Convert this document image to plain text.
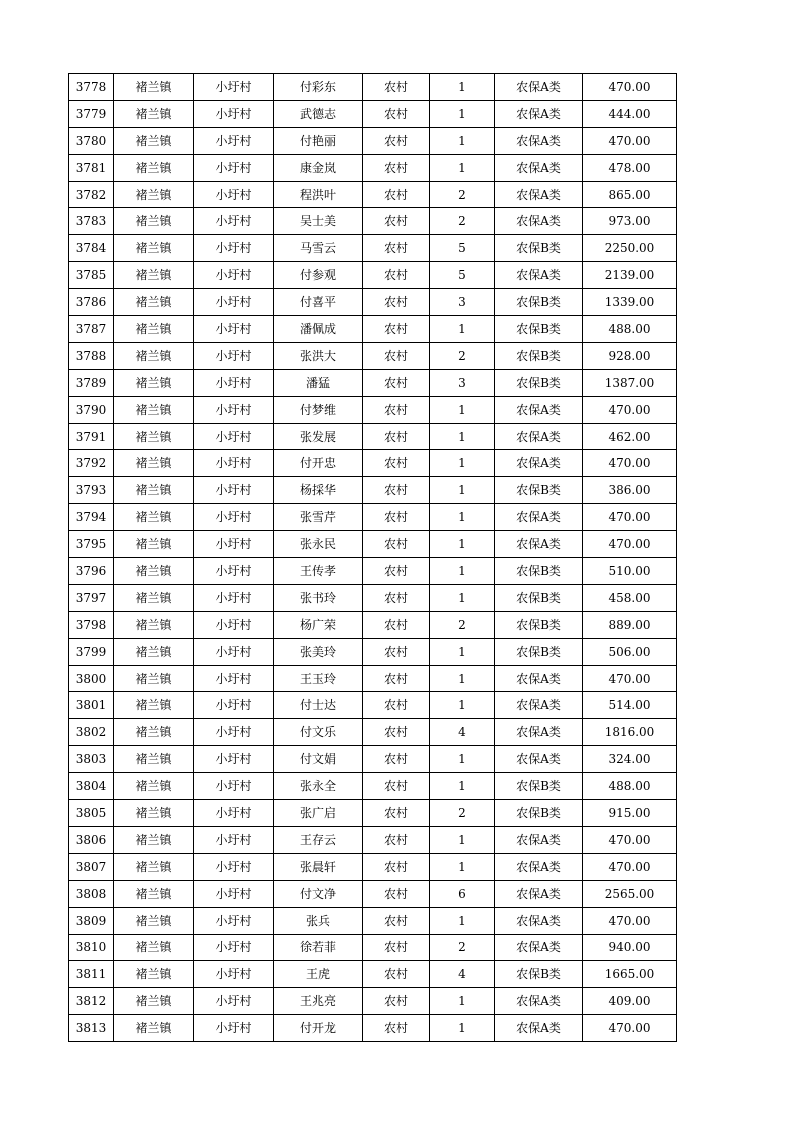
3778	褚兰镇	小圩村	付彩东	农村	1	农保A类	470.00
3779	褚兰镇	小圩村	武德志	农村	1	农保A类	444.00
3780	褚兰镇	小圩村	付艳丽	农村	1	农保A类	470.00
3781	褚兰镇	小圩村	康金岚	农村	1	农保A类	478.00
3782	褚兰镇	小圩村	程洪叶	农村	2	农保A类	865.00
3783	褚兰镇	小圩村	吴士美	农村	2	农保A类	973.00
3784	褚兰镇	小圩村	马雪云	农村	5	农保B类	2250.00
3785	褚兰镇	小圩村	付参观	农村	5	农保A类	2139.00
3786	褚兰镇	小圩村	付喜平	农村	3	农保B类	1339.00
3787	褚兰镇	小圩村	潘佩成	农村	1	农保B类	488.00
3788	褚兰镇	小圩村	张洪大	农村	2	农保B类	928.00
3789	褚兰镇	小圩村	潘猛	农村	3	农保B类	1387.00
3790	褚兰镇	小圩村	付梦维	农村	1	农保A类	470.00
3791	褚兰镇	小圩村	张发展	农村	1	农保A类	462.00
3792	褚兰镇	小圩村	付开忠	农村	1	农保A类	470.00
3793	褚兰镇	小圩村	杨採华	农村	1	农保B类	386.00
3794	褚兰镇	小圩村	张雪芹	农村	1	农保A类	470.00
3795	褚兰镇	小圩村	张永民	农村	1	农保A类	470.00
3796	褚兰镇	小圩村	王传孝	农村	1	农保B类	510.00
3797	褚兰镇	小圩村	张书玲	农村	1	农保B类	458.00
3798	褚兰镇	小圩村	杨广荣	农村	2	农保B类	889.00
3799	褚兰镇	小圩村	张美玲	农村	1	农保B类	506.00
3800	褚兰镇	小圩村	王玉玲	农村	1	农保A类	470.00
3801	褚兰镇	小圩村	付士达	农村	1	农保A类	514.00
3802	褚兰镇	小圩村	付文乐	农村	4	农保A类	1816.00
3803	褚兰镇	小圩村	付文娟	农村	1	农保A类	324.00
3804	褚兰镇	小圩村	张永全	农村	1	农保B类	488.00
3805	褚兰镇	小圩村	张广启	农村	2	农保B类	915.00
3806	褚兰镇	小圩村	王存云	农村	1	农保A类	470.00
3807	褚兰镇	小圩村	张晨轩	农村	1	农保A类	470.00
3808	褚兰镇	小圩村	付文净	农村	6	农保A类	2565.00
3809	褚兰镇	小圩村	张兵	农村	1	农保A类	470.00
3810	褚兰镇	小圩村	徐若菲	农村	2	农保A类	940.00
3811	褚兰镇	小圩村	王虎	农村	4	农保B类	1665.00
3812	褚兰镇	小圩村	王兆亮	农村	1	农保A类	409.00
3813	褚兰镇	小圩村	付开龙	农村	1	农保A类	470.00
